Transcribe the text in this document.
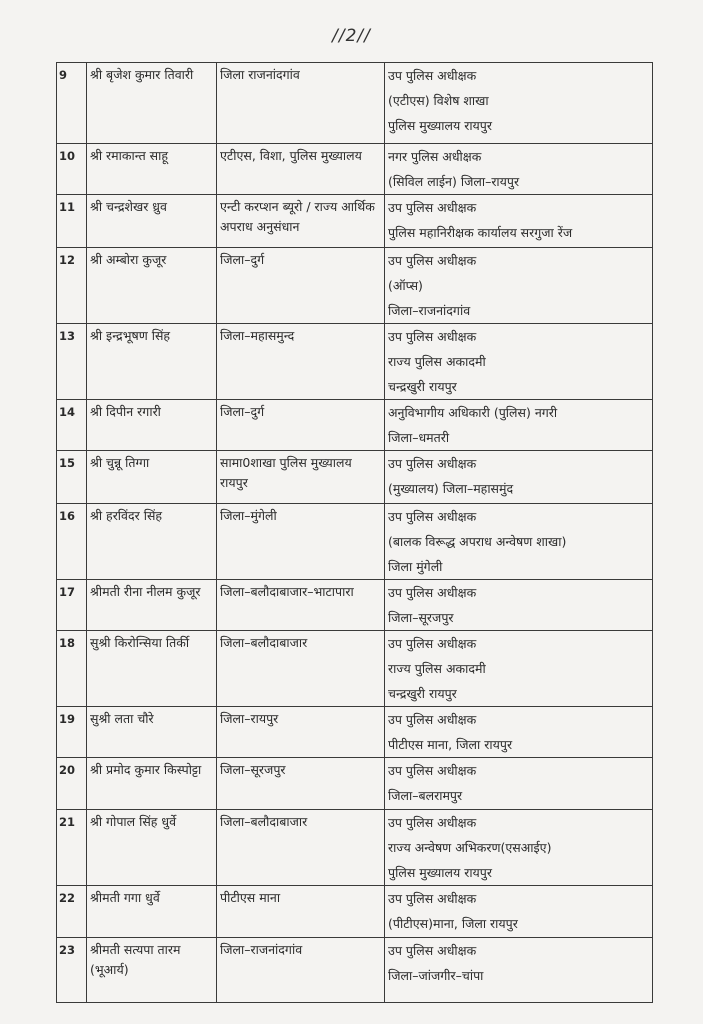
//2//
9	श्री बृजेश कुमार तिवारी	जिला राजनांदगांव	उप पुलिस अधीक्षक
(एटीएस) विशेष शाखा
पुलिस मुख्यालय रायपुर

10	श्री रमाकान्त साहू	एटीएस, विशा, पुलिस मुख्यालय	नगर पुलिस अधीक्षक
(सिविल लाईन) जिला–रायपुर

11	श्री चन्द्रशेखर ध्रुव	एन्टी करप्शन ब्यूरो / राज्य आर्थिक अपराध अनुसंधान	उप पुलिस अधीक्षक
पुलिस महानिरीक्षक कार्यालय सरगुजा रेंज

12	श्री अम्बोरा कुजूर	जिला–दुर्ग	उप पुलिस अधीक्षक
(ऑप्स)
जिला–राजनांदगांव

13	श्री इन्द्रभूषण सिंह	जिला–महासमुन्द	उप पुलिस अधीक्षक
राज्य पुलिस अकादमी
चन्द्रखुरी रायपुर

14	श्री दिपीन रगारी	जिला–दुर्ग	अनुविभागीय अधिकारी (पुलिस) नगरी
जिला–धमतरी

15	श्री चुन्नू तिग्गा	सामा0शाखा पुलिस मुख्यालय रायपुर	उप पुलिस अधीक्षक
(मुख्यालय) जिला–महासमुंद

16	श्री हरविंदर सिंह	जिला–मुंगेली	उप पुलिस अधीक्षक
(बालक विरूद्ध अपराध अन्वेषण शाखा)
जिला मुंगेली

17	श्रीमती रीना नीलम कुजूर	जिला–बलौदाबाजार–भाटापारा	उप पुलिस अधीक्षक
जिला–सूरजपुर

18	सुश्री किरोन्सिया तिर्की	जिला–बलौदाबाजार	उप पुलिस अधीक्षक
राज्य पुलिस अकादमी
चन्द्रखुरी रायपुर

19	सुश्री लता चौरे	जिला–रायपुर	उप पुलिस अधीक्षक
पीटीएस माना, जिला रायपुर

20	श्री प्रमोद कुमार किस्पोट्टा	जिला–सूरजपुर	उप पुलिस अधीक्षक
जिला–बलरामपुर

21	श्री गोपाल सिंह धुर्वे	जिला–बलौदाबाजार	उप पुलिस अधीक्षक
राज्य अन्वेषण अभिकरण(एसआईए)
पुलिस मुख्यालय रायपुर

22	श्रीमती गगा धुर्वे	पीटीएस माना	उप पुलिस अधीक्षक
(पीटीएस)माना, जिला रायपुर

23	श्रीमती सत्यपा तारम (भूआर्य)	जिला–राजनांदगांव	उप पुलिस अधीक्षक
जिला–जांजगीर–चांपा
